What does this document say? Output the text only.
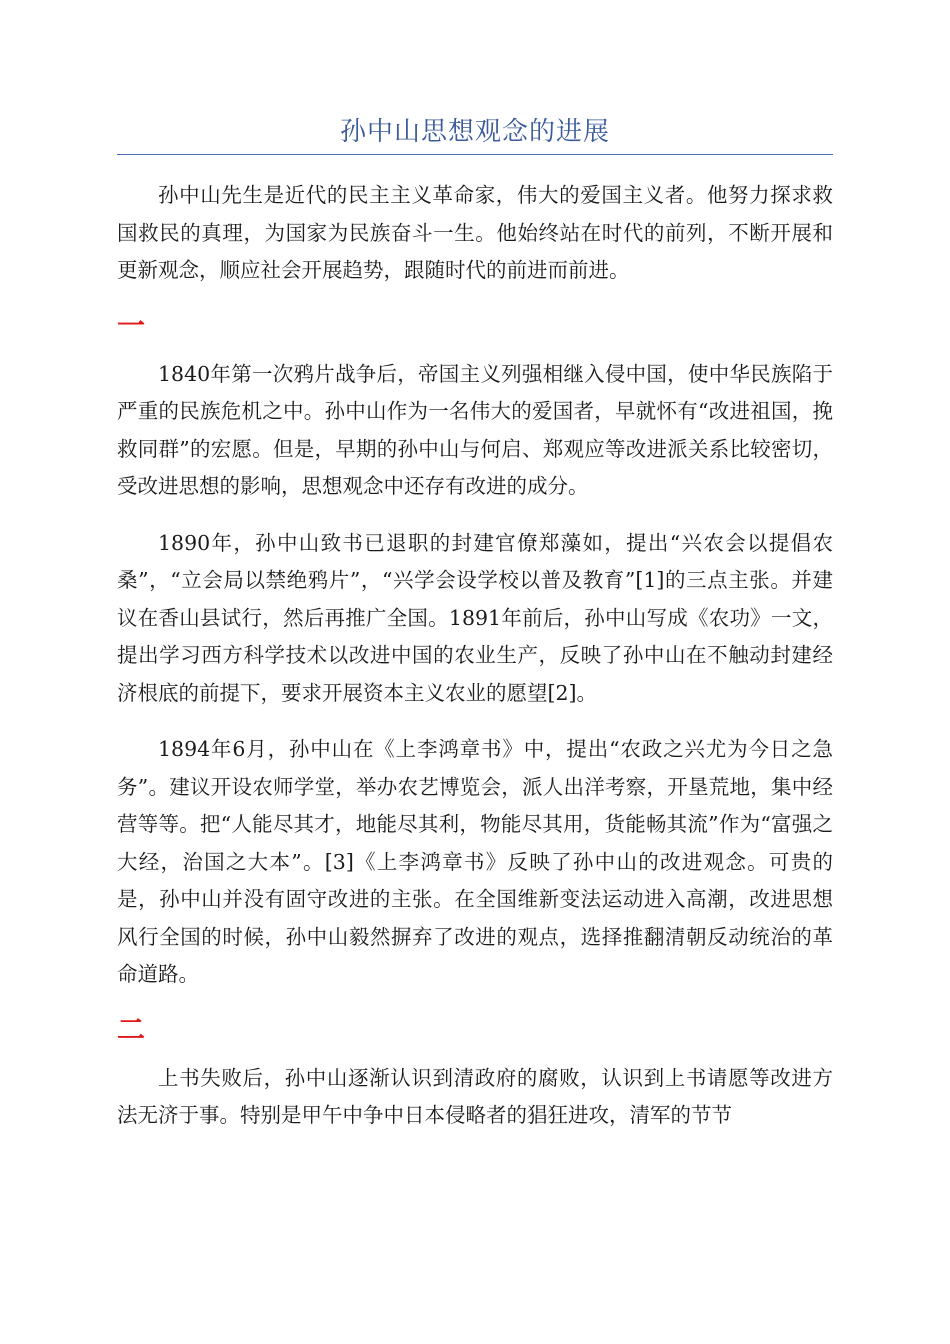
孙中山思想观念的进展

孙中山先生是近代的民主主义革命家，伟大的爱国主义者。他努力探求救国救民的真理，为国家为民族奋斗一生。他始终站在时代的前列，不断开展和更新观念，顺应社会开展趋势，跟随时代的前进而前进。

一

1840年第一次鸦片战争后，帝国主义列强相继入侵中国，使中华民族陷于严重的民族危机之中。孙中山作为一名伟大的爱国者，早就怀有“改进祖国，挽救同群”的宏愿。但是，早期的孙中山与何启、郑观应等改进派关系比较密切，受改进思想的影响，思想观念中还存有改进的成分。

1890年，孙中山致书已退职的封建官僚郑藻如，提出“兴农会以提倡农桑”，“立会局以禁绝鸦片”，“兴学会设学校以普及教育”[1]的三点主张。并建议在香山县试行，然后再推广全国。1891年前后，孙中山写成《农功》一文，提出学习西方科学技术以改进中国的农业生产，反映了孙中山在不触动封建经济根底的前提下，要求开展资本主义农业的愿望[2]。

1894年6月，孙中山在《上李鸿章书》中，提出“农政之兴尤为今日之急务”。建议开设农师学堂，举办农艺博览会，派人出洋考察，开垦荒地，集中经营等等。把“人能尽其才，地能尽其利，物能尽其用，货能畅其流”作为“富强之大经，治国之大本”。[3]《上李鸿章书》反映了孙中山的改进观念。可贵的是，孙中山并没有固守改进的主张。在全国维新变法运动进入高潮，改进思想风行全国的时候，孙中山毅然摒弃了改进的观点，选择推翻清朝反动统治的革命道路。

二

上书失败后，孙中山逐渐认识到清政府的腐败，认识到上书请愿等改进方法无济于事。特别是甲午中争中日本侵略者的猖狂进攻，清军的节节
